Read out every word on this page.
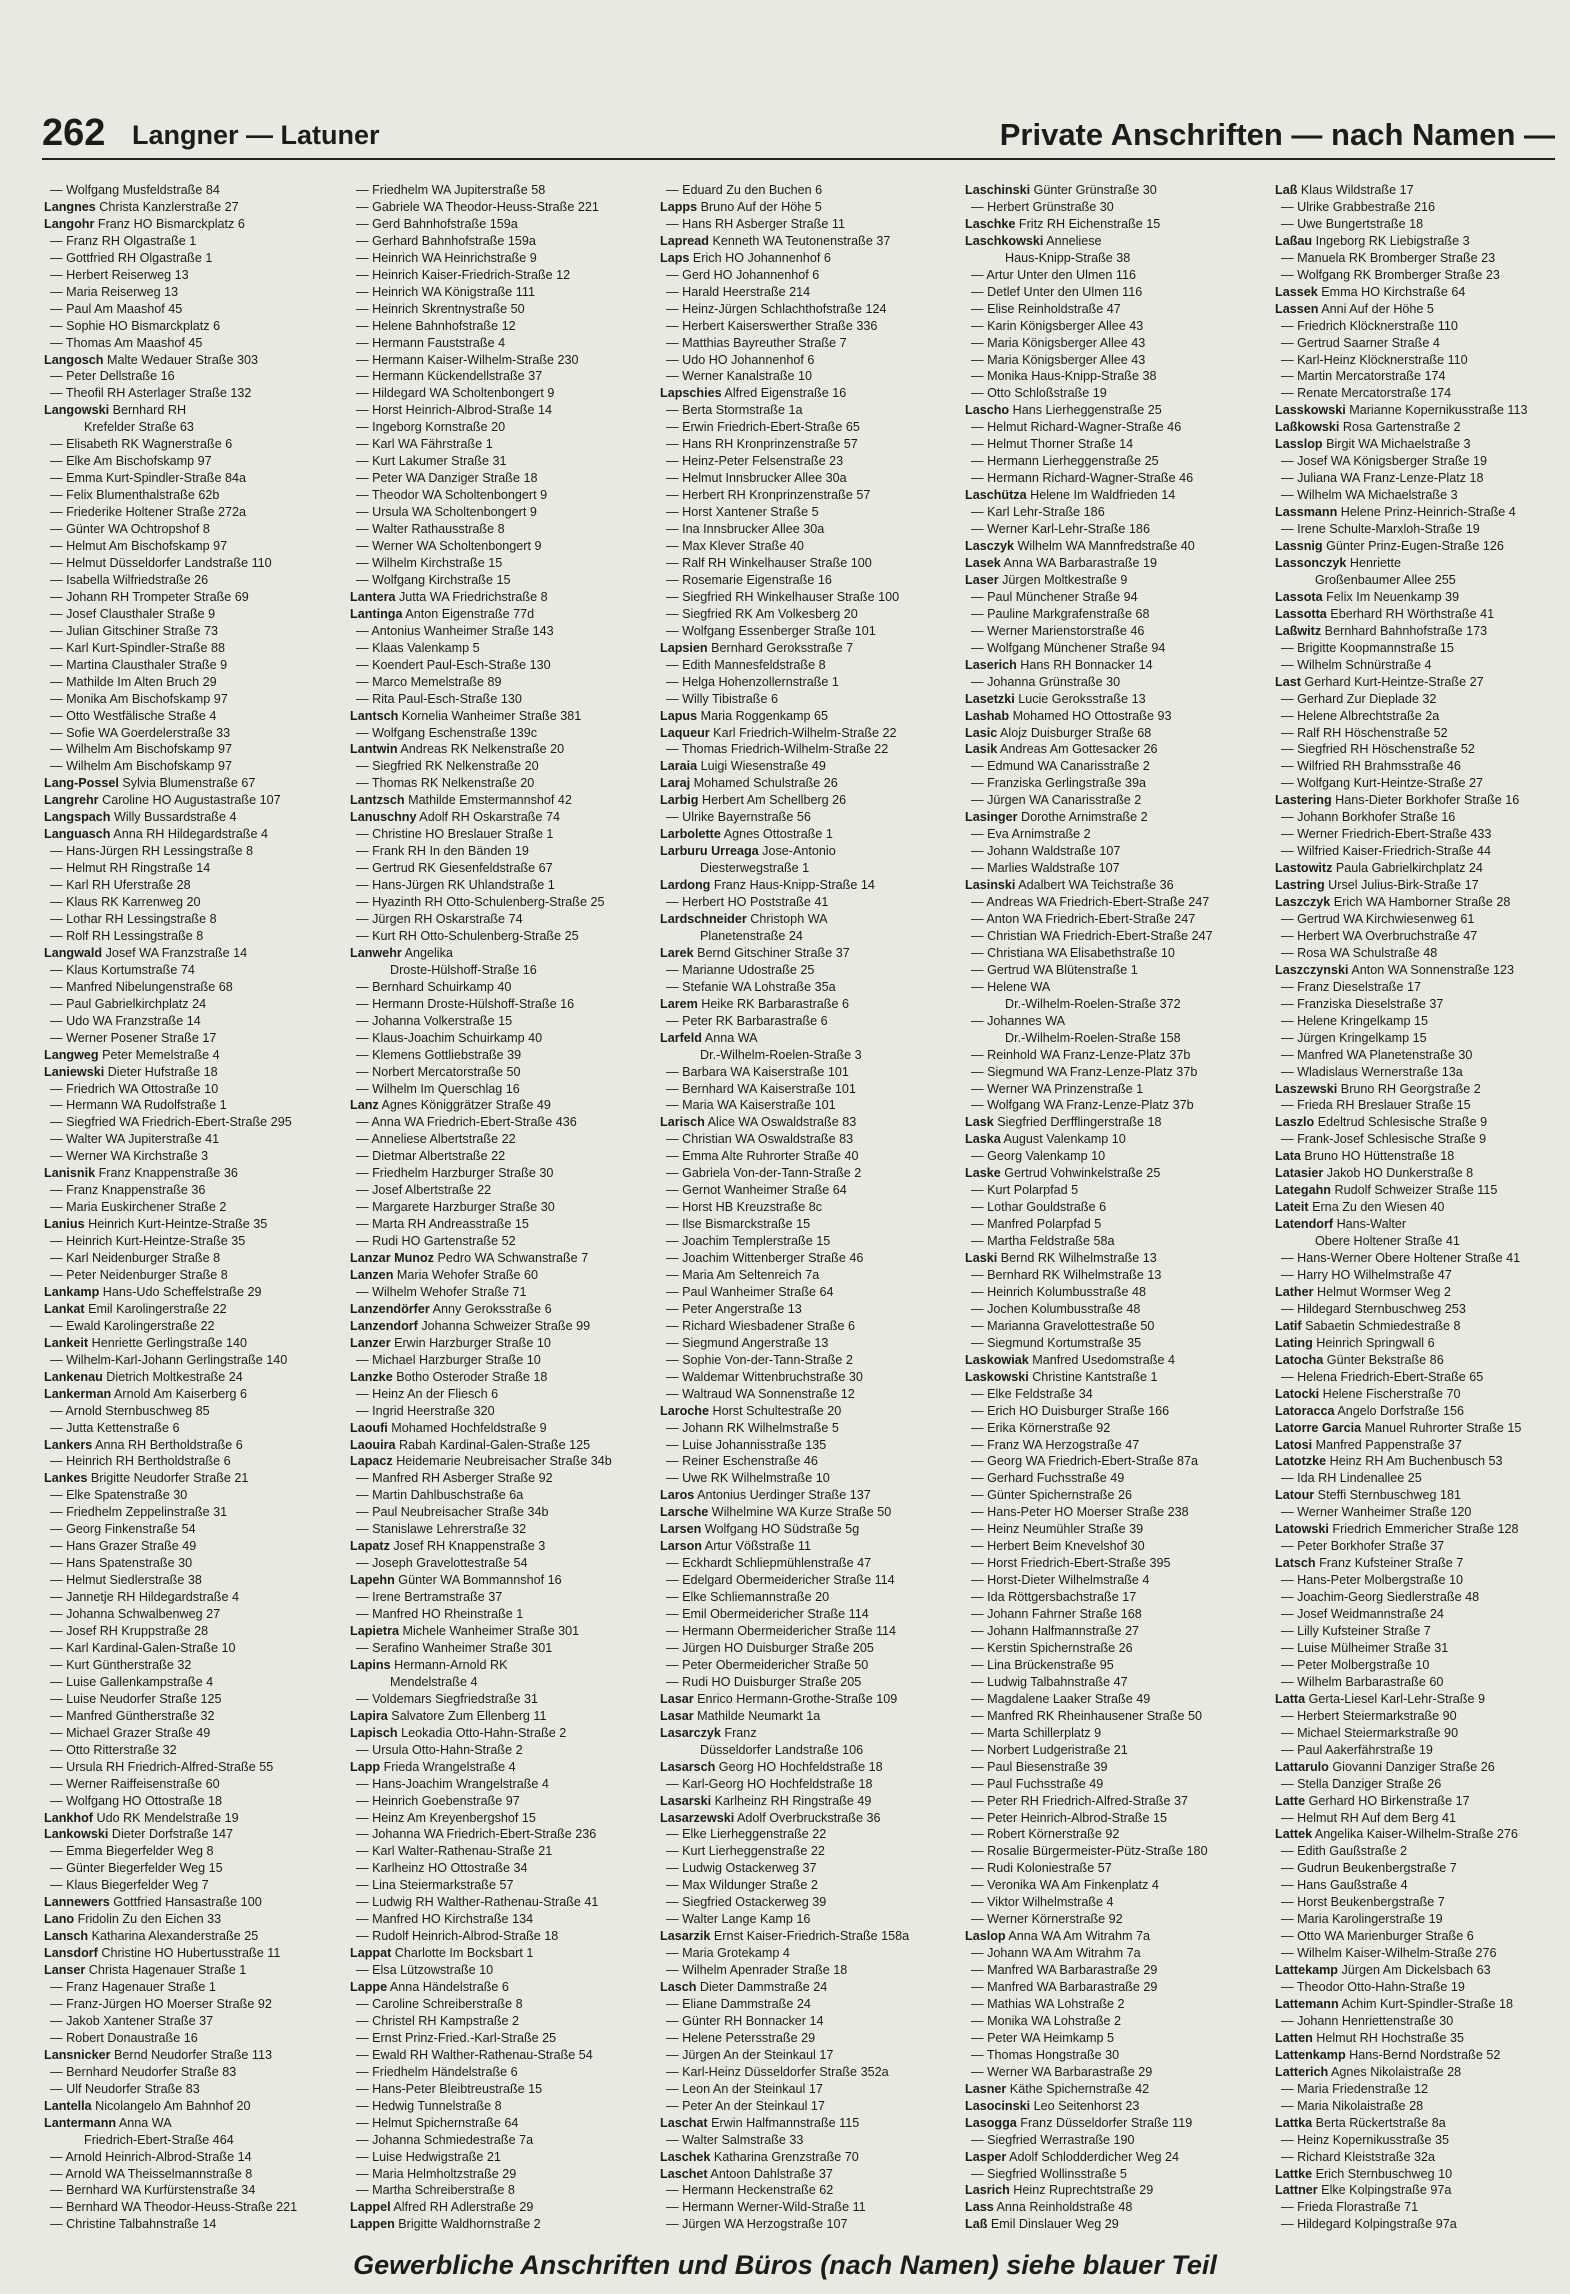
262 Langner — Latuner	Private Anschriften — nach Namen —
— Wolfgang Musfeldstraße 84
Langnes Christa Kanzlerstraße 27
Langohr Franz HO Bismarckplatz 6
— Franz RH Olgastraße 1
— Gottfried RH Olgastraße 1
— Herbert Reiserweg 13
— Maria Reiserweg 13
— Paul Am Maashof 45
— Sophie HO Bismarckplatz 6
— Thomas Am Maashof 45
Langosch Malte Wedauer Straße 303
— Peter Dellstraße 16
— Theofil RH Asterlager Straße 132
Langowski Bernhard RH
Krefelder Straße 63
— Elisabeth RK Wagnerstraße 6
— Elke Am Bischofskamp 97
— Emma Kurt-Spindler-Straße 84a
— Felix Blumenthalstraße 62b
— Friederike Holtener Straße 272a
— Günter WA Ochtropshof 8
— Helmut Am Bischofskamp 97
— Helmut Düsseldorfer Landstraße 110
— Isabella Wilfriedstraße 26
— Johann RH Trompeter Straße 69
— Josef Clausthaler Straße 9
— Julian Gitschiner Straße 73
— Karl Kurt-Spindler-Straße 88
— Martina Clausthaler Straße 9
— Mathilde Im Alten Bruch 29
— Monika Am Bischofskamp 97
— Otto Westfälische Straße 4
— Sofie WA Goerdelerstraße 33
— Wilhelm Am Bischofskamp 97
— Wilhelm Am Bischofskamp 97
Lang-Possel Sylvia Blumenstraße 67
Langrehr Caroline HO Augustastraße 107
Langspach Willy Bussardstraße 4
Languasch Anna RH Hildegardstraße 4
— Hans-Jürgen RH Lessingstraße 8
— Helmut RH Ringstraße 14
— Karl RH Uferstraße 28
— Klaus RK Karrenweg 20
— Lothar RH Lessingstraße 8
— Rolf RH Lessingstraße 8
Langwald Josef WA Franzstraße 14
— Klaus Kortumstraße 74
— Manfred Nibelungenstraße 68
— Paul Gabrielkirchplatz 24
— Udo WA Franzstraße 14
— Werner Posener Straße 17
Langweg Peter Memelstraße 4
Laniewski Dieter Hufstraße 18
— Friedrich WA Ottostraße 10
— Hermann WA Rudolfstraße 1
— Siegfried WA Friedrich-Ebert-Straße 295
— Walter WA Jupiterstraße 41
— Werner WA Kirchstraße 3
Lanisnik Franz Knappenstraße 36
— Franz Knappenstraße 36
— Maria Euskirchener Straße 2
Lanius Heinrich Kurt-Heintze-Straße 35
— Heinrich Kurt-Heintze-Straße 35
— Karl Neidenburger Straße 8
— Peter Neidenburger Straße 8
Lankamp Hans-Udo Scheffelstraße 29
Lankat Emil Karolingerstraße 22
— Ewald Karolingerstraße 22
Lankeit Henriette Gerlingstraße 140
— Wilhelm-Karl-Johann Gerlingstraße 140
Lankenau Dietrich Moltkestraße 24
Lankerman Arnold Am Kaiserberg 6
— Arnold Sternbuschweg 85
— Jutta Kettenstraße 6
Lankers Anna RH Bertholdstraße 6
— Heinrich RH Bertholdstraße 6
Lankes Brigitte Neudorfer Straße 21
— Elke Spatenstraße 30
— Friedhelm Zeppelinstraße 31
— Georg Finkenstraße 54
— Hans Grazer Straße 49
— Hans Spatenstraße 30
— Helmut Siedlerstraße 38
— Jannetje RH Hildegardstraße 4
— Johanna Schwalbenweg 27
— Josef RH Kruppstraße 28
— Karl Kardinal-Galen-Straße 10
— Kurt Güntherstraße 32
— Luise Gallenkampstraße 4
— Luise Neudorfer Straße 125
— Manfred Güntherstraße 32
— Michael Grazer Straße 49
— Otto Ritterstraße 32
— Ursula RH Friedrich-Alfred-Straße 55
— Werner Raiffeisenstraße 60
— Wolfgang HO Ottostraße 18
Lankhof Udo RK Mendelstraße 19
Lankowski Dieter Dorfstraße 147
— Emma Biegerfelder Weg 8
— Günter Biegerfelder Weg 15
— Klaus Biegerfelder Weg 7
Lannewers Gottfried Hansastraße 100
Lano Fridolin Zu den Eichen 33
Lansch Katharina Alexanderstraße 25
Lansdorf Christine HO Hubertusstraße 11
Lanser Christa Hagenauer Straße 1
— Franz Hagenauer Straße 1
— Franz-Jürgen HO Moerser Straße 92
— Jakob Xantener Straße 37
— Robert Donaustraße 16
Lansnicker Bernd Neudorfer Straße 113
— Bernhard Neudorfer Straße 83
— Ulf Neudorfer Straße 83
Lantella Nicolangelo Am Bahnhof 20
Lantermann Anna WA
Friedrich-Ebert-Straße 464
— Arnold Heinrich-Albrod-Straße 14
— Arnold WA Theisselmannstraße 8
— Bernhard WA Kurfürstenstraße 34
— Bernhard WA Theodor-Heuss-Straße 221
— Christine Talbahnstraße 14
— Friedhelm WA Jupiterstraße 58
— Gabriele WA Theodor-Heuss-Straße 221
— Gerd Bahnhofstraße 159a
— Gerhard Bahnhofstraße 159a
— Heinrich WA Heinrichstraße 9
— Heinrich Kaiser-Friedrich-Straße 12
— Heinrich WA Königstraße 111
— Heinrich Skrentnystraße 50
— Helene Bahnhofstraße 12
— Hermann Fauststraße 4
— Hermann Kaiser-Wilhelm-Straße 230
— Hermann Kückendellstraße 37
— Hildegard WA Scholtenbongert 9
— Horst Heinrich-Albrod-Straße 14
— Ingeborg Kornstraße 20
— Karl WA Fährstraße 1
— Kurt Lakumer Straße 31
— Peter WA Danziger Straße 18
— Theodor WA Scholtenbongert 9
— Ursula WA Scholtenbongert 9
— Walter Rathausstraße 8
— Werner WA Scholtenbongert 9
— Wilhelm Kirchstraße 15
— Wolfgang Kirchstraße 15
Lantera Jutta WA Friedrichstraße 8
Lantinga Anton Eigenstraße 77d
— Antonius Wanheimer Straße 143
— Klaas Valenkamp 5
— Koendert Paul-Esch-Straße 130
— Marco Memelstraße 89
— Rita Paul-Esch-Straße 130
Lantsch Kornelia Wanheimer Straße 381
— Wolfgang Eschenstraße 139c
Lantwin Andreas RK Nelkenstraße 20
— Siegfried RK Nelkenstraße 20
— Thomas RK Nelkenstraße 20
Lantzsch Mathilde Emstermannshof 42
Lanuschny Adolf RH Oskarstraße 74
— Christine HO Breslauer Straße 1
— Frank RH In den Bänden 19
— Gertrud RK Giesenfeldstraße 67
— Hans-Jürgen RK Uhlandstraße 1
— Hyazinth RH Otto-Schulenberg-Straße 25
— Jürgen RH Oskarstraße 74
— Kurt RH Otto-Schulenberg-Straße 25
Lanwehr Angelika
Droste-Hülshoff-Straße 16
— Bernhard Schuirkamp 40
— Hermann Droste-Hülshoff-Straße 16
— Johanna Volkerstraße 15
— Klaus-Joachim Schuirkamp 40
— Klemens Gottliebstraße 39
— Norbert Mercatorstraße 50
— Wilhelm Im Querschlag 16
Lanz Agnes Königgrätzer Straße 49
— Anna WA Friedrich-Ebert-Straße 436
— Anneliese Albertstraße 22
— Dietmar Albertstraße 22
— Friedhelm Harzburger Straße 30
— Josef Albertstraße 22
— Margarete Harzburger Straße 30
— Marta RH Andreasstraße 15
— Rudi HO Gartenstraße 52
Lanzar Munoz Pedro WA Schwanstraße 7
Lanzen Maria Wehofer Straße 60
— Wilhelm Wehofer Straße 71
Lanzendörfer Anny Geroksstraße 6
Lanzendorf Johanna Schweizer Straße 99
Lanzer Erwin Harzburger Straße 10
— Michael Harzburger Straße 10
Lanzke Botho Osteroder Straße 18
— Heinz An der Fliesch 6
— Ingrid Heerstraße 320
Laoufi Mohamed Hochfeldstraße 9
Laouira Rabah Kardinal-Galen-Straße 125
Lapacz Heidemarie Neubreisacher Straße 34b
— Manfred RH Asberger Straße 92
— Martin Dahlbuschstraße 6a
— Paul Neubreisacher Straße 34b
— Stanislawe Lehrerstraße 32
Lapatz Josef RH Knappenstraße 3
— Joseph Gravelottestraße 54
Lapehn Günter WA Bommannshof 16
— Irene Bertramstraße 37
— Manfred HO Rheinstraße 1
Lapietra Michele Wanheimer Straße 301
— Serafino Wanheimer Straße 301
Lapins Hermann-Arnold RK
Mendelstraße 4
— Voldemars Siegfriedstraße 31
Lapira Salvatore Zum Ellenberg 11
Lapisch Leokadia Otto-Hahn-Straße 2
— Ursula Otto-Hahn-Straße 2
Lapp Frieda Wrangelstraße 4
— Hans-Joachim Wrangelstraße 4
— Heinrich Goebenstraße 97
— Heinz Am Kreyenbergshof 15
— Johanna WA Friedrich-Ebert-Straße 236
— Karl Walter-Rathenau-Straße 21
— Karlheinz HO Ottostraße 34
— Lina Steiermarkstraße 57
— Ludwig RH Walther-Rathenau-Straße 41
— Manfred HO Kirchstraße 134
— Rudolf Heinrich-Albrod-Straße 18
Lappat Charlotte Im Bocksbart 1
— Elsa Lützowstraße 10
Lappe Anna Händelstraße 6
— Caroline Schreiberstraße 8
— Christel RH Kampstraße 2
— Ernst Prinz-Fried.-Karl-Straße 25
— Ewald RH Walther-Rathenau-Straße 54
— Friedhelm Händelstraße 6
— Hans-Peter Bleibtreustraße 15
— Hedwig Tunnelstraße 8
— Helmut Spichernstraße 64
— Johanna Schmiedestraße 7a
— Luise Hedwigstraße 21
— Maria Helmholtzstraße 29
— Martha Schreiberstraße 8
Lappel Alfred RH Adlerstraße 29
Lappen Brigitte Waldhornstraße 2
— Eduard Zu den Buchen 6
Lapps Bruno Auf der Höhe 5
— Hans RH Asberger Straße 11
Lapread Kenneth WA Teutonenstraße 37
Laps Erich HO Johannenhof 6
— Gerd HO Johannenhof 6
— Harald Heerstraße 214
— Heinz-Jürgen Schlachthofstraße 124
— Herbert Kaiserswerther Straße 336
— Matthias Bayreuther Straße 7
— Udo HO Johannenhof 6
— Werner Kanalstraße 10
Lapschies Alfred Eigenstraße 16
— Berta Stormstraße 1a
— Erwin Friedrich-Ebert-Straße 65
— Hans RH Kronprinzenstraße 57
— Heinz-Peter Felsenstraße 23
— Helmut Innsbrucker Allee 30a
— Herbert RH Kronprinzenstraße 57
— Horst Xantener Straße 5
— Ina Innsbrucker Allee 30a
— Max Klever Straße 40
— Ralf RH Winkelhauser Straße 100
— Rosemarie Eigenstraße 16
— Siegfried RH Winkelhauser Straße 100
— Siegfried RK Am Volkesberg 20
— Wolfgang Essenberger Straße 101
Lapsien Bernhard Geroksstraße 7
— Edith Mannesfeldstraße 8
— Helga Hohenzollernstraße 1
— Willy Tibistraße 6
Lapus Maria Roggenkamp 65
Laqueur Karl Friedrich-Wilhelm-Straße 22
— Thomas Friedrich-Wilhelm-Straße 22
Laraia Luigi Wiesenstraße 49
Laraj Mohamed Schulstraße 26
Larbig Herbert Am Schellberg 26
— Ulrike Bayernstraße 56
Larbolette Agnes Ottostraße 1
Larburu Urreaga Jose-Antonio
Diesterwegstraße 1
Lardong Franz Haus-Knipp-Straße 14
— Herbert HO Poststraße 41
Lardschneider Christoph WA
Planetenstraße 24
Larek Bernd Gitschiner Straße 37
— Marianne Udostraße 25
— Stefanie WA Lohstraße 35a
Larem Heike RK Barbarastraße 6
— Peter RK Barbarastraße 6
Larfeld Anna WA
Dr.-Wilhelm-Roelen-Straße 3
— Barbara WA Kaiserstraße 101
— Bernhard WA Kaiserstraße 101
— Maria WA Kaiserstraße 101
Larisch Alice WA Oswaldstraße 83
— Christian WA Oswaldstraße 83
— Emma Alte Ruhrorter Straße 40
— Gabriela Von-der-Tann-Straße 2
— Gernot Wanheimer Straße 64
— Horst HB Kreuzstraße 8c
— Ilse Bismarckstraße 15
— Joachim Templerstraße 15
— Joachim Wittenberger Straße 46
— Maria Am Seltenreich 7a
— Paul Wanheimer Straße 64
— Peter Angerstraße 13
— Richard Wiesbadener Straße 6
— Siegmund Angerstraße 13
— Sophie Von-der-Tann-Straße 2
— Waldemar Wittenbruchstraße 30
— Waltraud WA Sonnenstraße 12
Laroche Horst Schultestraße 20
— Johann RK Wilhelmstraße 5
— Luise Johannisstraße 135
— Reiner Eschenstraße 46
— Uwe RK Wilhelmstraße 10
Laros Antonius Uerdinger Straße 137
Larsche Wilhelmine WA Kurze Straße 50
Larsen Wolfgang HO Südstraße 5g
Larson Artur Vößstraße 11
— Eckhardt Schliepmühlenstraße 47
— Edelgard Obermeidericher Straße 114
— Elke Schliemannstraße 20
— Emil Obermeidericher Straße 114
— Hermann Obermeidericher Straße 114
— Jürgen HO Duisburger Straße 205
— Peter Obermeidericher Straße 50
— Rudi HO Duisburger Straße 205
Lasar Enrico Hermann-Grothe-Straße 109
Lasar Mathilde Neumarkt 1a
Lasarczyk Franz
Düsseldorfer Landstraße 106
Lasarsch Georg HO Hochfeldstraße 18
— Karl-Georg HO Hochfeldstraße 18
Lasarski Karlheinz RH Ringstraße 49
Lasarzewski Adolf Overbruckstraße 36
— Elke Lierheggenstraße 22
— Kurt Lierheggenstraße 22
— Ludwig Ostackerweg 37
— Max Wildunger Straße 2
— Siegfried Ostackerweg 39
— Walter Lange Kamp 16
Lasarzik Ernst Kaiser-Friedrich-Straße 158a
— Maria Grotekamp 4
— Wilhelm Apenrader Straße 18
Lasch Dieter Dammstraße 24
— Eliane Dammstraße 24
— Günter RH Bonnacker 14
— Helene Petersstraße 29
— Jürgen An der Steinkaul 17
— Karl-Heinz Düsseldorfer Straße 352a
— Leon An der Steinkaul 17
— Peter An der Steinkaul 17
Laschat Erwin Halfmannstraße 115
— Walter Salmstraße 33
Laschek Katharina Grenzstraße 70
Laschet Antoon Dahlstraße 37
— Hermann Heckenstraße 62
— Hermann Werner-Wild-Straße 11
— Jürgen WA Herzogstraße 107
Laschinski Günter Grünstraße 30
— Herbert Grünstraße 30
Laschke Fritz RH Eichenstraße 15
Laschkowski Anneliese
Haus-Knipp-Straße 38
— Artur Unter den Ulmen 116
— Detlef Unter den Ulmen 116
— Elise Reinholdstraße 47
— Karin Königsberger Allee 43
— Maria Königsberger Allee 43
— Maria Königsberger Allee 43
— Monika Haus-Knipp-Straße 38
— Otto Schloßstraße 19
Lascho Hans Lierheggenstraße 25
— Helmut Richard-Wagner-Straße 46
— Helmut Thorner Straße 14
— Hermann Lierheggenstraße 25
— Hermann Richard-Wagner-Straße 46
Laschütza Helene Im Waldfrieden 14
— Karl Lehr-Straße 186
— Werner Karl-Lehr-Straße 186
Lasczyk Wilhelm WA Mannfredstraße 40
Lasek Anna WA Barbarastraße 19
Laser Jürgen Moltkestraße 9
— Paul Münchener Straße 94
— Pauline Markgrafenstraße 68
— Werner Marienstorstraße 46
— Wolfgang Münchener Straße 94
Laserich Hans RH Bonnacker 14
— Johanna Grünstraße 30
Lasetzki Lucie Geroksstraße 13
Lashab Mohamed HO Ottostraße 93
Lasic Alojz Duisburger Straße 68
Lasik Andreas Am Gottesacker 26
— Edmund WA Canarisstraße 2
— Franziska Gerlingstraße 39a
— Jürgen WA Canarisstraße 2
Lasinger Dorothe Arnimstraße 2
— Eva Arnimstraße 2
— Johann Waldstraße 107
— Marlies Waldstraße 107
Lasinski Adalbert WA Teichstraße 36
— Andreas WA Friedrich-Ebert-Straße 247
— Anton WA Friedrich-Ebert-Straße 247
— Christian WA Friedrich-Ebert-Straße 247
— Christiana WA Elisabethstraße 10
— Gertrud WA Blütenstraße 1
— Helene WA
Dr.-Wilhelm-Roelen-Straße 372
— Johannes WA
Dr.-Wilhelm-Roelen-Straße 158
— Reinhold WA Franz-Lenze-Platz 37b
— Siegmund WA Franz-Lenze-Platz 37b
— Werner WA Prinzenstraße 1
— Wolfgang WA Franz-Lenze-Platz 37b
Lask Siegfried Derfflingerstraße 18
Laska August Valenkamp 10
— Georg Valenkamp 10
Laske Gertrud Vohwinkelstraße 25
— Kurt Polarpfad 5
— Lothar Gouldstraße 6
— Manfred Polarpfad 5
— Martha Feldstraße 58a
Laski Bernd RK Wilhelmstraße 13
— Bernhard RK Wilhelmstraße 13
— Heinrich Kolumbusstraße 48
— Jochen Kolumbusstraße 48
— Marianna Gravelottestraße 50
— Siegmund Kortumstraße 35
Laskowiak Manfred Usedomstraße 4
Laskowski Christine Kantstraße 1
— Elke Feldstraße 34
— Erich HO Duisburger Straße 166
— Erika Körnerstraße 92
— Franz WA Herzogstraße 47
— Georg WA Friedrich-Ebert-Straße 87a
— Gerhard Fuchsstraße 49
— Günter Spichernstraße 26
— Hans-Peter HO Moerser Straße 238
— Heinz Neumühler Straße 39
— Herbert Beim Knevelshof 30
— Horst Friedrich-Ebert-Straße 395
— Horst-Dieter Wilhelmstraße 4
— Ida Röttgersbachstraße 17
— Johann Fahrner Straße 168
— Johann Halfmannstraße 27
— Kerstin Spichernstraße 26
— Lina Brückenstraße 95
— Ludwig Talbahnstraße 47
— Magdalene Laaker Straße 49
— Manfred RK Rheinhausener Straße 50
— Marta Schillerplatz 9
— Norbert Ludgeristraße 21
— Paul Biesenstraße 39
— Paul Fuchsstraße 49
— Peter RH Friedrich-Alfred-Straße 37
— Peter Heinrich-Albrod-Straße 15
— Robert Körnerstraße 92
— Rosalie Bürgermeister-Pütz-Straße 180
— Rudi Koloniestraße 57
— Veronika WA Am Finkenplatz 4
— Viktor Wilhelmstraße 4
— Werner Körnerstraße 92
Laslop Anna WA Am Witrahm 7a
— Johann WA Am Witrahm 7a
— Manfred WA Barbarastraße 29
— Manfred WA Barbarastraße 29
— Mathias WA Lohstraße 2
— Monika WA Lohstraße 2
— Peter WA Heimkamp 5
— Thomas Hongstraße 30
— Werner WA Barbarastraße 29
Lasner Käthe Spichernstraße 42
Lasocinski Leo Seitenhorst 23
Lasogga Franz Düsseldorfer Straße 119
— Siegfried Werrastraße 190
Lasper Adolf Schlodderdicher Weg 24
— Siegfried Wollinsstraße 5
Lasrich Heinz Ruprechtstraße 29
Lass Anna Reinholdstraße 48
Laß Emil Dinslauer Weg 29
Laß Klaus Wildstraße 17
— Ulrike Grabbestraße 216
— Uwe Bungertstraße 18
Laßau Ingeborg RK Liebigstraße 3
— Manuela RK Bromberger Straße 23
— Wolfgang RK Bromberger Straße 23
Lassek Emma HO Kirchstraße 64
Lassen Anni Auf der Höhe 5
— Friedrich Klöcknerstraße 110
— Gertrud Saarner Straße 4
— Karl-Heinz Klöcknerstraße 110
— Martin Mercatorstraße 174
— Renate Mercatorstraße 174
Lasskowski Marianne Kopernikusstraße 113
Laßkowski Rosa Gartenstraße 2
Lasslop Birgit WA Michaelstraße 3
— Josef WA Königsberger Straße 19
— Juliana WA Franz-Lenze-Platz 18
— Wilhelm WA Michaelstraße 3
Lassmann Helene Prinz-Heinrich-Straße 4
— Irene Schulte-Marxloh-Straße 19
Lassnig Günter Prinz-Eugen-Straße 126
Lassonczyk Henriette
Großenbaumer Allee 255
Lassota Felix Im Neuenkamp 39
Lassotta Eberhard RH Wörthstraße 41
Laßwitz Bernhard Bahnhofstraße 173
— Brigitte Koopmannstraße 15
— Wilhelm Schnürstraße 4
Last Gerhard Kurt-Heintze-Straße 27
— Gerhard Zur Dieplade 32
— Helene Albrechtstraße 2a
— Ralf RH Höschenstraße 52
— Siegfried RH Höschenstraße 52
— Wilfried RH Brahmsstraße 46
— Wolfgang Kurt-Heintze-Straße 27
Lastering Hans-Dieter Borkhofer Straße 16
— Johann Borkhofer Straße 16
— Werner Friedrich-Ebert-Straße 433
— Wilfried Kaiser-Friedrich-Straße 44
Lastowitz Paula Gabrielkirchplatz 24
Lastring Ursel Julius-Birk-Straße 17
Laszczyk Erich WA Hamborner Straße 28
— Gertrud WA Kirchwiesenweg 61
— Herbert WA Overbruchstraße 47
— Rosa WA Schulstraße 48
Laszczynski Anton WA Sonnenstraße 123
— Franz Dieselstraße 17
— Franziska Dieselstraße 37
— Helene Kringelkamp 15
— Jürgen Kringelkamp 15
— Manfred WA Planetenstraße 30
— Wladislaus Wernerstraße 13a
Laszewski Bruno RH Georgstraße 2
— Frieda RH Breslauer Straße 15
Laszlo Edeltrud Schlesische Straße 9
— Frank-Josef Schlesische Straße 9
Lata Bruno HO Hüttenstraße 18
Latasier Jakob HO Dunkerstraße 8
Lategahn Rudolf Schweizer Straße 115
Lateit Erna Zu den Wiesen 40
Latendorf Hans-Walter
Obere Holtener Straße 41
— Hans-Werner Obere Holtener Straße 41
— Harry HO Wilhelmstraße 47
Lather Helmut Wormser Weg 2
— Hildegard Sternbuschweg 253
Latif Sabaetin Schmiedestraße 8
Lating Heinrich Springwall 6
Latocha Günter Bekstraße 86
— Helena Friedrich-Ebert-Straße 65
Latocki Helene Fischerstraße 70
Latoracca Angelo Dorfstraße 156
Latorre Garcia Manuel Ruhrorter Straße 15
Latosi Manfred Pappenstraße 37
Latotzke Heinz RH Am Buchenbusch 53
— Ida RH Lindenallee 25
Latour Steffi Sternbuschweg 181
— Werner Wanheimer Straße 120
Latowski Friedrich Emmericher Straße 128
— Peter Borkhofer Straße 37
Latsch Franz Kufsteiner Straße 7
— Hans-Peter Molbergstraße 10
— Joachim-Georg Siedlerstraße 48
— Josef Weidmannstraße 24
— Lilly Kufsteiner Straße 7
— Luise Mülheimer Straße 31
— Peter Molbergstraße 10
— Wilhelm Barbarastraße 60
Latta Gerta-Liesel Karl-Lehr-Straße 9
— Herbert Steiermarkstraße 90
— Michael Steiermarkstraße 90
— Paul Aakerfährstraße 19
Lattarulo Giovanni Danziger Straße 26
— Stella Danziger Straße 26
Latte Gerhard HO Birkenstraße 17
— Helmut RH Auf dem Berg 41
Lattek Angelika Kaiser-Wilhelm-Straße 276
— Edith Gaußstraße 2
— Gudrun Beukenbergstraße 7
— Hans Gaußstraße 4
— Horst Beukenbergstraße 7
— Maria Karolingerstraße 19
— Otto WA Marienburger Straße 6
— Wilhelm Kaiser-Wilhelm-Straße 276
Lattekamp Jürgen Am Dickelsbach 63
— Theodor Otto-Hahn-Straße 19
Lattemann Achim Kurt-Spindler-Straße 18
— Johann Henriettenstraße 30
Latten Helmut RH Hochstraße 35
Lattenkamp Hans-Bernd Nordstraße 52
Latterich Agnes Nikolaistraße 28
— Maria Friedenstraße 12
— Maria Nikolaistraße 28
Lattka Berta Rückertstraße 8a
— Heinz Kopernikusstraße 35
— Richard Kleiststraße 32a
Lattke Erich Sternbuschweg 10
Lattner Elke Kolpingstraße 97a
— Frieda Florastraße 71
— Hildegard Kolpingstraße 97a
Gewerbliche Anschriften und Büros (nach Namen) siehe blauer Teil
